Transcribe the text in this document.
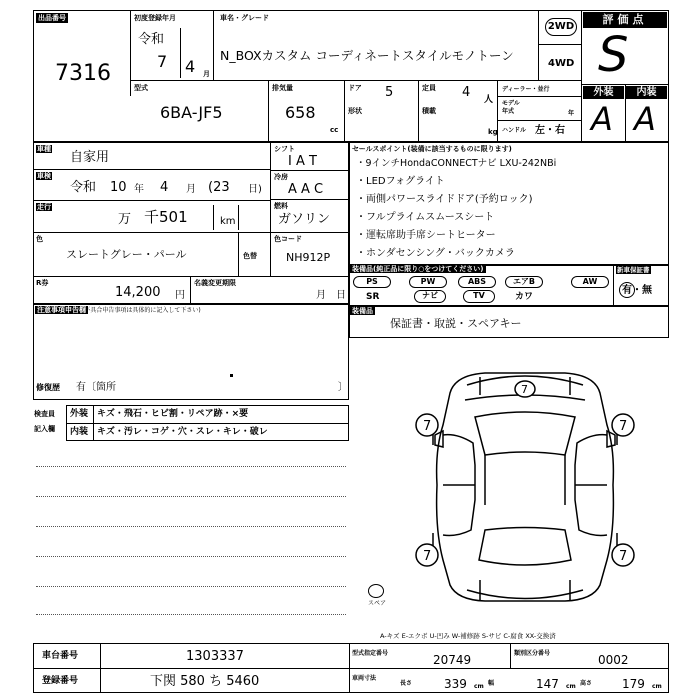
出品番号
7316
初度登録年月
令和
7 4 月
車名・グレード
N_BOXカスタム コーディネートスタイルモノトーン
2WD
4WD
評価点
S
型式
6BA-JF5
排気量
658
cc
ドア 5
形状
定員 4 人
積載
kg
ディーラー・並行
モデル年式	年
ハンドル 左・右
外装	内装
A A
車種
自家用
車検
令和 10 年 4 月 (23 日)
走行
万 千501	km
色
スレートグレー・パール	色替
シフト
I A T
冷房
A A C
燃料
ガソリン
色コード
NH912P
R券
14,200 円
名義変更期限
月 日
セールスポイント(装備に該当するものに限ります)
・9インチHondaCONNECTナビ LXU-242NBi
・LEDフォグライト
・両側パワースライドドア(予約ロック)
・フルプライムスムースシート
・運転席助手席シートヒーター
・ホンダセンシング・バックカメラ
装備品(純正品に限り○をつけてください)
PS	PW	ABS	エアB	AW
SR	ナビ	TV	カワ
新車保証書
有・無
装備品
保証書・取説・スペアキー
注意事項申告欄
(不具合申告事項は具体的に記入して下さい)
修復歴 有〔箇所	〕
検査員
記入欄
外装 キズ・飛石・ヒビ割・リペア跡・×要
内装 キズ・汚レ・コゲ・穴・スレ・キレ・破レ	7	7
7	7
7
スペア
A-キズ E-エクボ U-凹み W-補修跡 S-サビ C-腐食 XX-交換済
車台番号	1303337
登録番号	下関 580 ち 5460
型式指定番号	20749	類別区分番号	0002
車両寸法
長さ	339 cm 幅	147 cm 高さ 179 cm
